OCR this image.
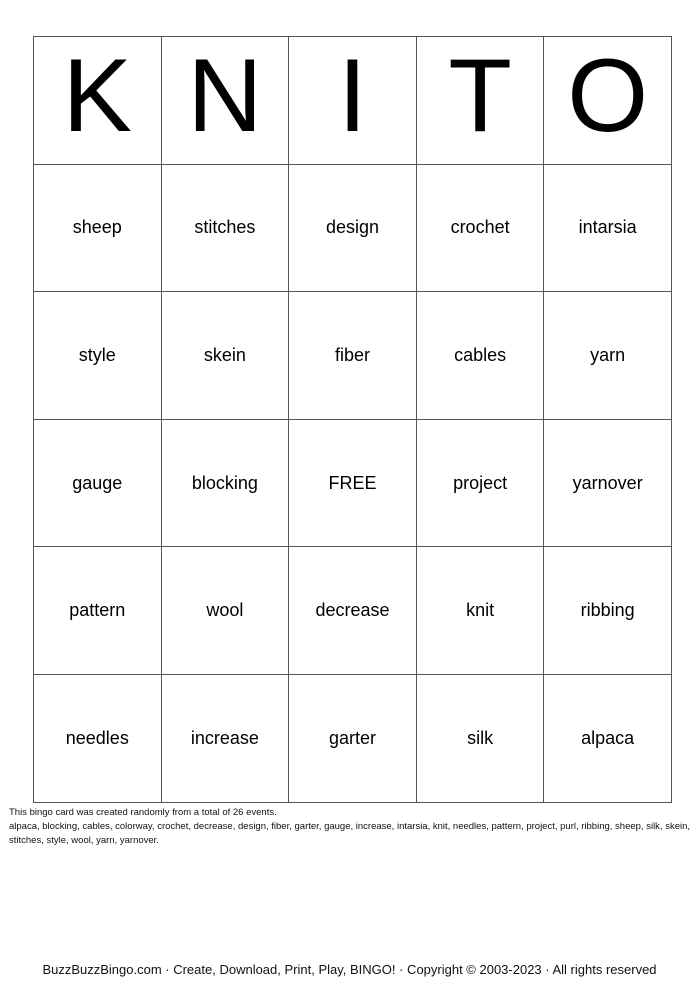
K	N	I	T	O
sheep	stitches	design	crochet	intarsia
style	skein	fiber	cables	yarn
gauge	blocking	FREE	project	yarnover
pattern	wool	decrease	knit	ribbing
needles	increase	garter	silk	alpaca
This bingo card was created randomly from a total of 26 events.
alpaca, blocking, cables, colorway, crochet, decrease, design, fiber, garter, gauge, increase, intarsia, knit, needles, pattern, project, purl, ribbing, sheep, silk, skein, stitches, style, wool, yarn, yarnover.
BuzzBuzzBingo.com · Create, Download, Print, Play, BINGO! · Copyright © 2003-2023 · All rights reserved
